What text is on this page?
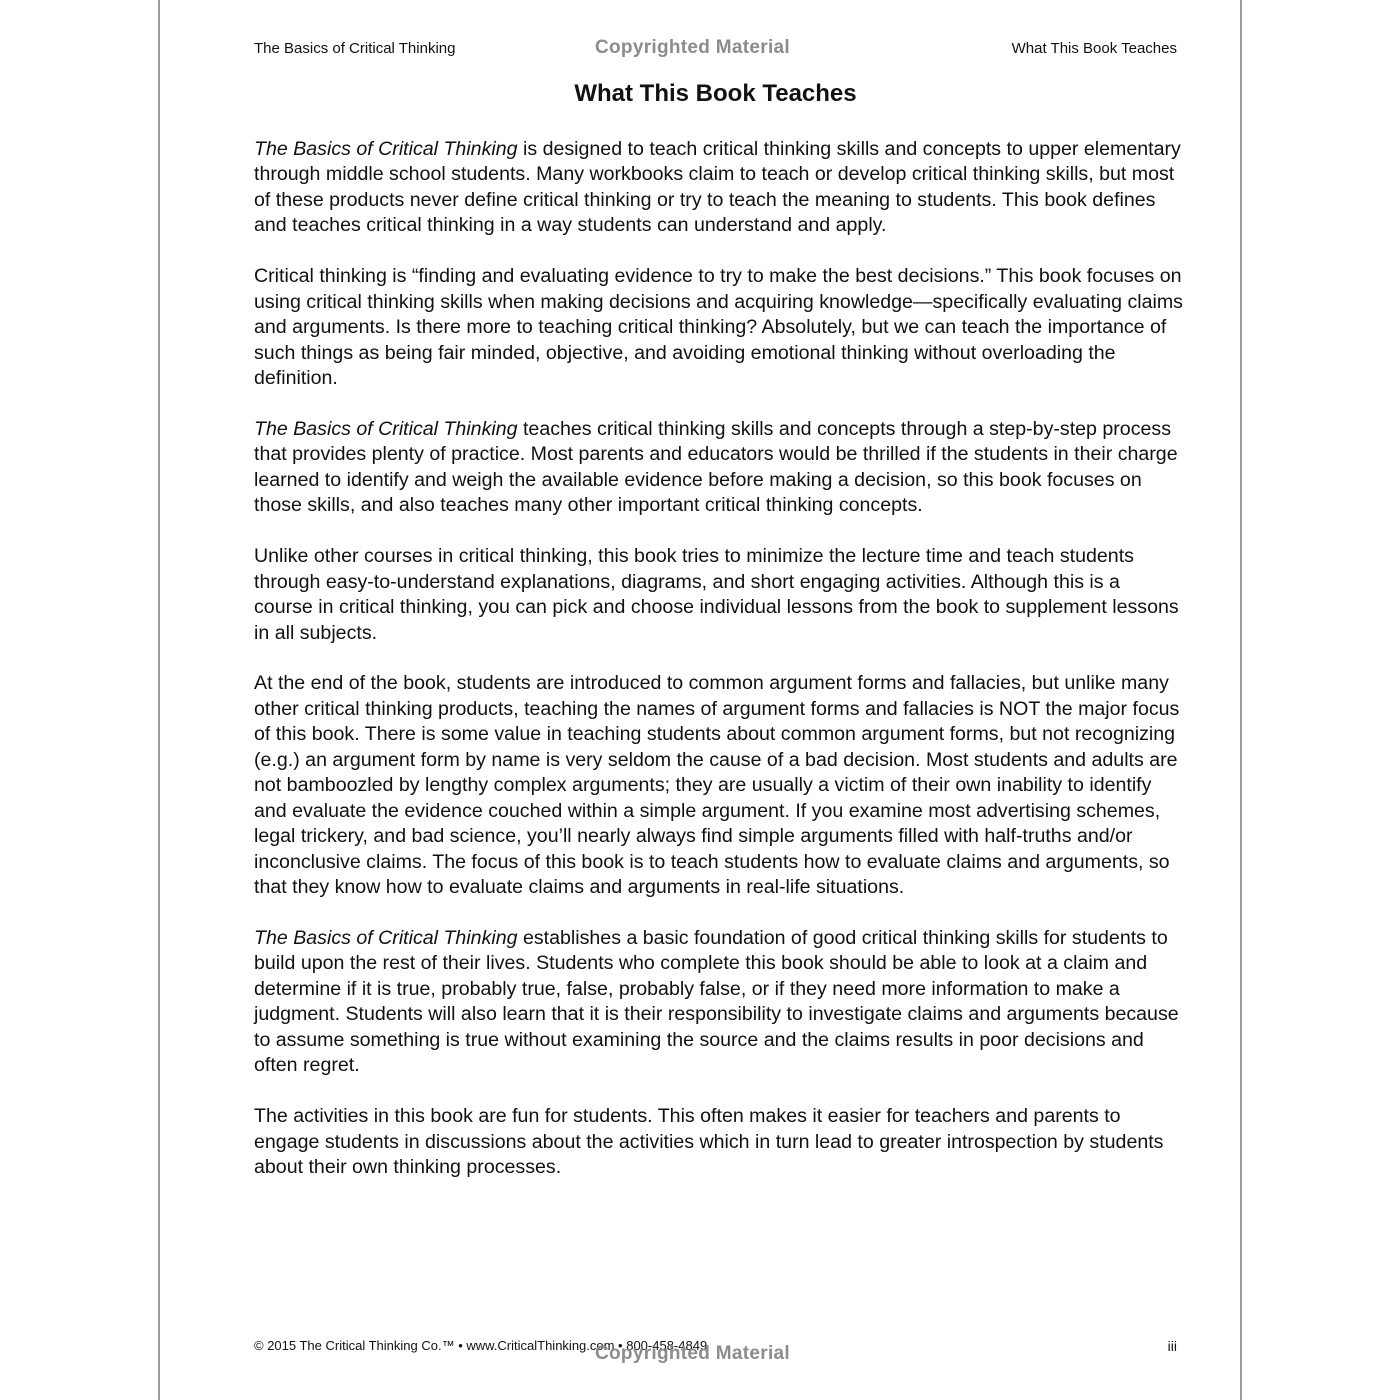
The Basics of Critical Thinking	What This Book Teaches
Copyrighted Material
What This Book Teaches

The Basics of Critical Thinking is designed to teach critical thinking skills and concepts to upper elementary through middle school students. Many workbooks claim to teach or develop critical thinking skills, but most of these products never define critical thinking or try to teach the meaning to students. This book defines and teaches critical thinking in a way students can understand and apply.

Critical thinking is “finding and evaluating evidence to try to make the best decisions.” This book focuses on using critical thinking skills when making decisions and acquiring knowledge—specifically evaluating claims and arguments. Is there more to teaching critical thinking? Absolutely, but we can teach the importance of such things as being fair minded, objective, and avoiding emotional thinking without overloading the definition.

The Basics of Critical Thinking teaches critical thinking skills and concepts through a step-by-step process that provides plenty of practice. Most parents and educators would be thrilled if the students in their charge learned to identify and weigh the available evidence before making a decision, so this book focuses on those skills, and also teaches many other important critical thinking concepts.

Unlike other courses in critical thinking, this book tries to minimize the lecture time and teach students through easy-to-understand explanations, diagrams, and short engaging activities. Although this is a course in critical thinking, you can pick and choose individual lessons from the book to supplement lessons in all subjects.

At the end of the book, students are introduced to common argument forms and fallacies, but unlike many other critical thinking products, teaching the names of argument forms and fallacies is NOT the major focus of this book. There is some value in teaching students about common argument forms, but not recognizing (e.g.) an argument form by name is very seldom the cause of a bad decision. Most students and adults are not bamboozled by lengthy complex arguments; they are usually a victim of their own inability to identify and evaluate the evidence couched within a simple argument. If you examine most advertising schemes, legal trickery, and bad science, you’ll nearly always find simple arguments filled with half-truths and/or inconclusive claims. The focus of this book is to teach students how to evaluate claims and arguments, so that they know how to evaluate claims and arguments in real-life situations.

The Basics of Critical Thinking establishes a basic foundation of good critical thinking skills for students to build upon the rest of their lives. Students who complete this book should be able to look at a claim and determine if it is true, probably true, false, probably false, or if they need more information to make a judgment. Students will also learn that it is their responsibility to investigate claims and arguments because to assume something is true without examining the source and the claims results in poor decisions and often regret.

The activities in this book are fun for students. This often makes it easier for teachers and parents to engage students in discussions about the activities which in turn lead to greater introspection by students about their own thinking processes.

© 2015 The Critical Thinking Co.™ • www.CriticalThinking.com • 800-458-4849	iii
Copyrighted Material
